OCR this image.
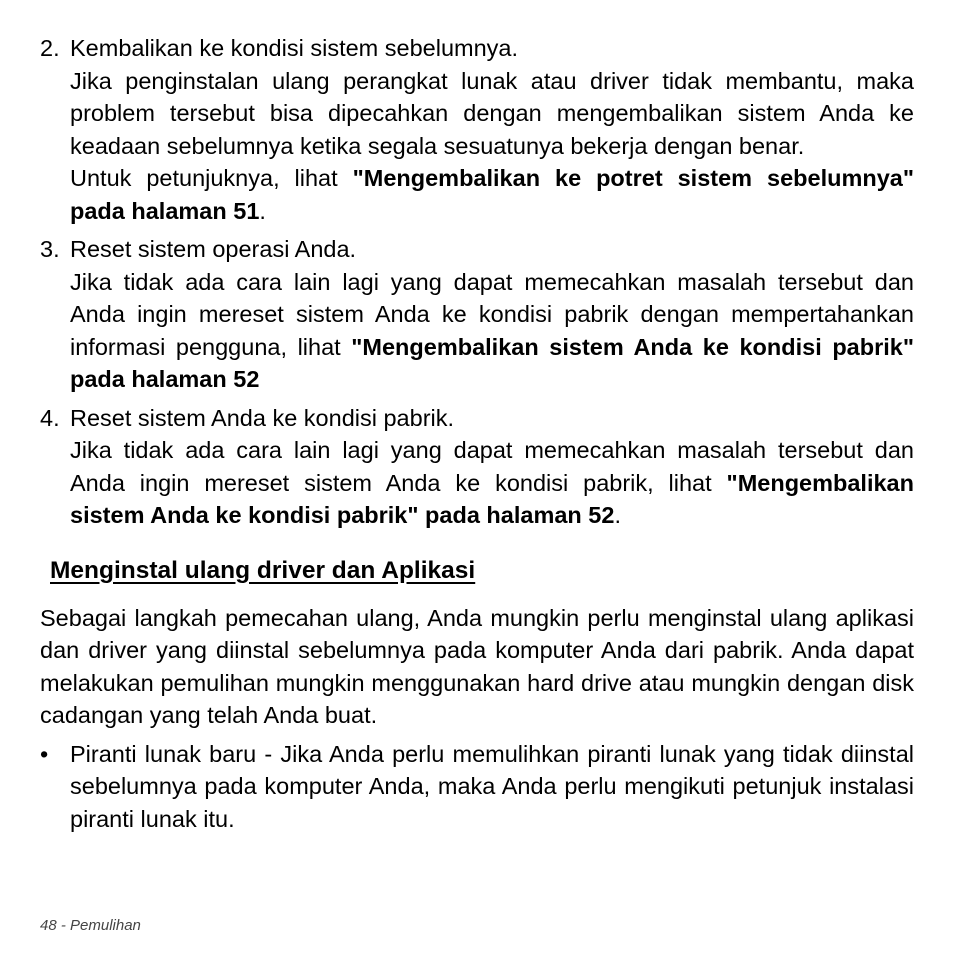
2. Kembalikan ke kondisi sistem sebelumnya.
Jika penginstalan ulang perangkat lunak atau driver tidak membantu, maka problem tersebut bisa dipecahkan dengan mengembalikan sistem Anda ke keadaan sebelumnya ketika segala sesuatunya bekerja dengan benar.
Untuk petunjuknya, lihat "Mengembalikan ke potret sistem sebelumnya" pada halaman 51.
3. Reset sistem operasi Anda.
Jika tidak ada cara lain lagi yang dapat memecahkan masalah tersebut dan Anda ingin mereset sistem Anda ke kondisi pabrik dengan mempertahankan informasi pengguna, lihat "Mengembalikan sistem Anda ke kondisi pabrik" pada halaman 52
4. Reset sistem Anda ke kondisi pabrik.
Jika tidak ada cara lain lagi yang dapat memecahkan masalah tersebut dan Anda ingin mereset sistem Anda ke kondisi pabrik, lihat "Mengembalikan sistem Anda ke kondisi pabrik" pada halaman 52.
Menginstal ulang driver dan Aplikasi
Sebagai langkah pemecahan ulang, Anda mungkin perlu menginstal ulang aplikasi dan driver yang diinstal sebelumnya pada komputer Anda dari pabrik. Anda dapat melakukan pemulihan mungkin menggunakan hard drive atau mungkin dengan disk cadangan yang telah Anda buat.
• Piranti lunak baru - Jika Anda perlu memulihkan piranti lunak yang tidak diinstal sebelumnya pada komputer Anda, maka Anda perlu mengikuti petunjuk instalasi piranti lunak itu.
48 - Pemulihan
